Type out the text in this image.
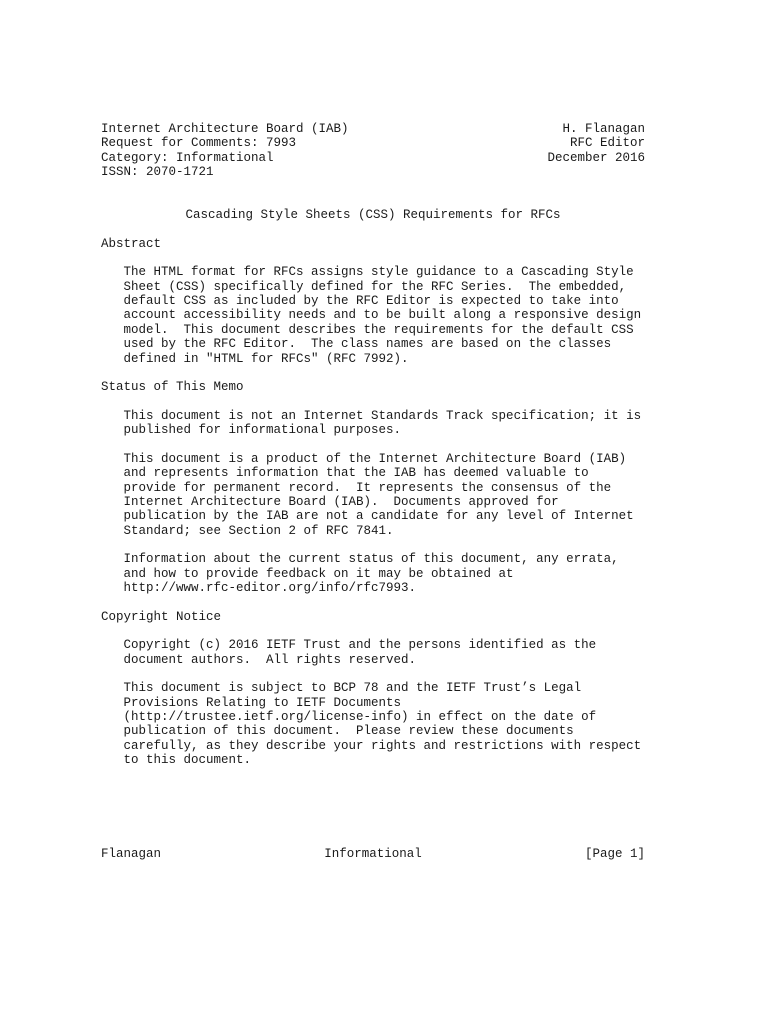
Internet Architecture Board (IAB)	H. Flanagan
Request for Comments: 7993	RFC Editor
Category: Informational	December 2016
ISSN: 2070-1721
Cascading Style Sheets (CSS) Requirements for RFCs
Abstract
The HTML format for RFCs assigns style guidance to a Cascading Style
Sheet (CSS) specifically defined for the RFC Series.  The embedded,
default CSS as included by the RFC Editor is expected to take into
account accessibility needs and to be built along a responsive design
model.  This document describes the requirements for the default CSS
used by the RFC Editor.  The class names are based on the classes
defined in "HTML for RFCs" (RFC 7992).
Status of This Memo
This document is not an Internet Standards Track specification; it is
published for informational purposes.
This document is a product of the Internet Architecture Board (IAB)
and represents information that the IAB has deemed valuable to
provide for permanent record.  It represents the consensus of the
Internet Architecture Board (IAB).  Documents approved for
publication by the IAB are not a candidate for any level of Internet
Standard; see Section 2 of RFC 7841.
Information about the current status of this document, any errata,
and how to provide feedback on it may be obtained at
http://www.rfc-editor.org/info/rfc7993.
Copyright Notice
Copyright (c) 2016 IETF Trust and the persons identified as the
document authors.  All rights reserved.
This document is subject to BCP 78 and the IETF Trust’s Legal
Provisions Relating to IETF Documents
(http://trustee.ietf.org/license-info) in effect on the date of
publication of this document.  Please review these documents
carefully, as they describe your rights and restrictions with respect
to this document.
Flanagan	Informational	[Page 1]
